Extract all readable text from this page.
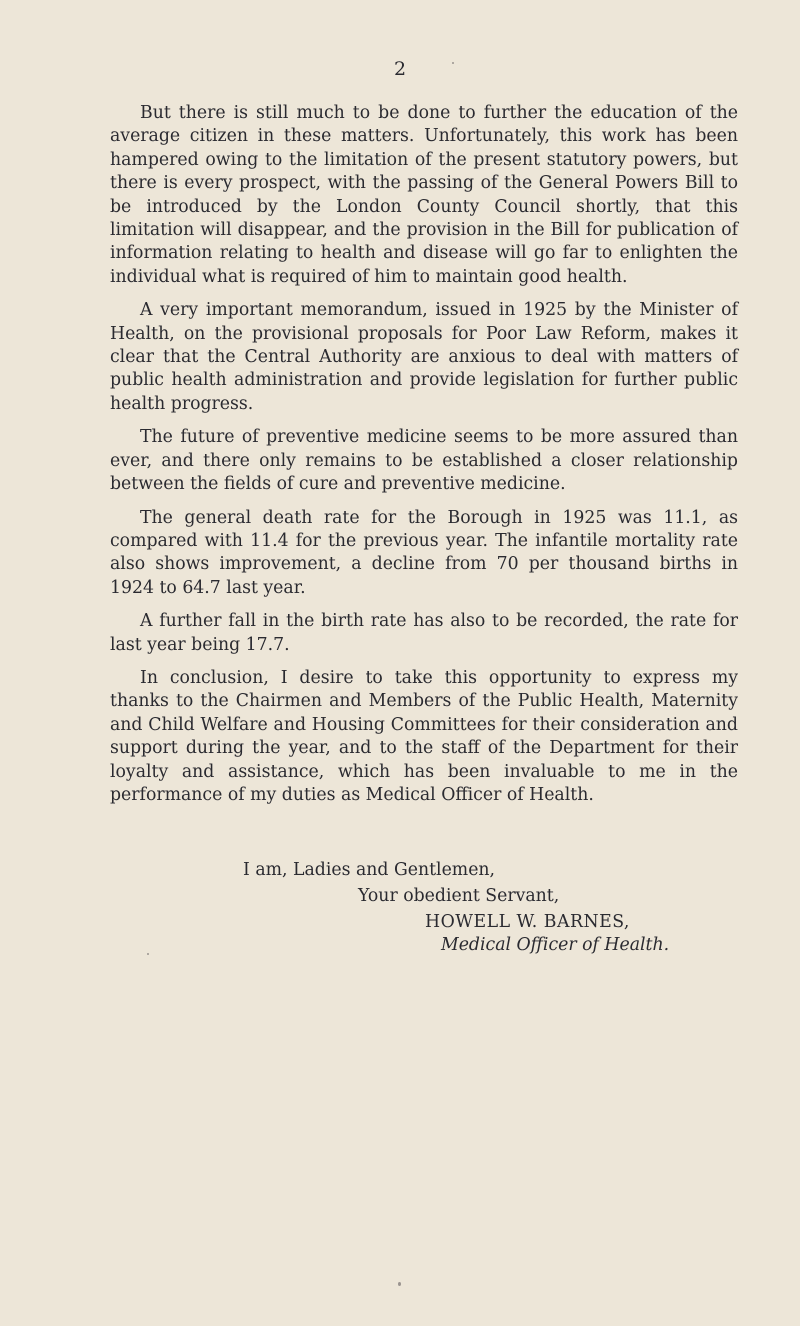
2

But there is still much to be done to further the education of the average citizen in these matters. Unfortunately, this work has been hampered owing to the limitation of the present statutory powers, but there is every prospect, with the passing of the General Powers Bill to be introduced by the London County Council shortly, that this limitation will disappear, and the provision in the Bill for publication of information relating to health and disease will go far to enlighten the individual what is required of him to maintain good health.

A very important memorandum, issued in 1925 by the Minister of Health, on the provisional proposals for Poor Law Reform, makes it clear that the Central Authority are anxious to deal with matters of public health administration and provide legislation for further public health progress.

The future of preventive medicine seems to be more assured than ever, and there only remains to be established a closer relationship between the fields of cure and preventive medicine.

The general death rate for the Borough in 1925 was 11.1, as compared with 11.4 for the previous year. The infantile mortality rate also shows improvement, a decline from 70 per thousand births in 1924 to 64.7 last year.

A further fall in the birth rate has also to be recorded, the rate for last year being 17.7.

In conclusion, I desire to take this opportunity to express my thanks to the Chairmen and Members of the Public Health, Maternity and Child Welfare and Housing Committees for their consideration and support during the year, and to the staff of the Department for their loyalty and assistance, which has been invaluable to me in the performance of my duties as Medical Officer of Health.

I am, Ladies and Gentlemen,
Your obedient Servant,
HOWELL W. BARNES,
Medical Officer of Health.
